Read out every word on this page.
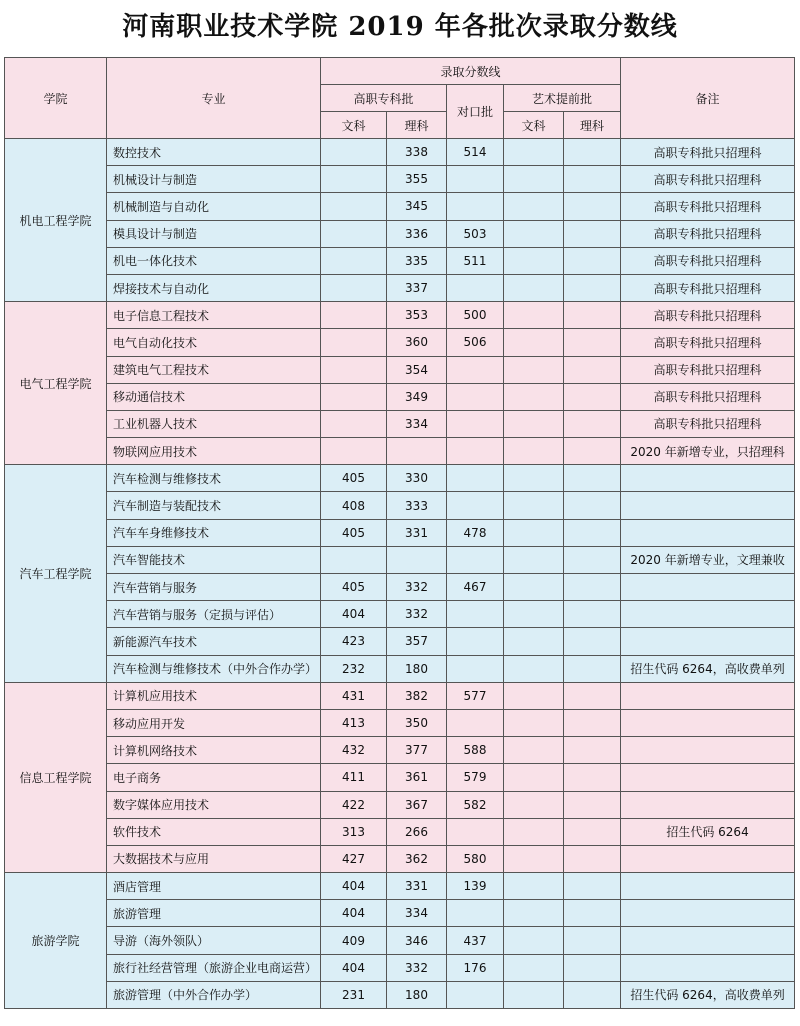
河南职业技术学院 2019 年各批次录取分数线
学院	专业	录取分数线					备注
		高职专科批		对口批	艺术提前批		
		文科	理科		文科	理科	
机电工程学院	数控技术		338	514			高职专科批只招理科
	机械设计与制造		355				高职专科批只招理科
	机械制造与自动化		345				高职专科批只招理科
	模具设计与制造		336	503			高职专科批只招理科
	机电一体化技术		335	511			高职专科批只招理科
	焊接技术与自动化		337				高职专科批只招理科
电气工程学院	电子信息工程技术		353	500			高职专科批只招理科
	电气自动化技术		360	506			高职专科批只招理科
	建筑电气工程技术		354				高职专科批只招理科
	移动通信技术		349				高职专科批只招理科
	工业机器人技术		334				高职专科批只招理科
	物联网应用技术						2020 年新增专业，只招理科
汽车工程学院	汽车检测与维修技术	405	330				
	汽车制造与装配技术	408	333				
	汽车车身维修技术	405	331	478			
	汽车智能技术						2020 年新增专业，文理兼收
	汽车营销与服务	405	332	467			
	汽车营销与服务（定损与评估）	404	332				
	新能源汽车技术	423	357				
	汽车检测与维修技术（中外合作办学）	232	180				招生代码 6264，高收费单列
信息工程学院	计算机应用技术	431	382	577			
	移动应用开发	413	350				
	计算机网络技术	432	377	588			
	电子商务	411	361	579			
	数字媒体应用技术	422	367	582			
	软件技术	313	266				招生代码 6264
	大数据技术与应用	427	362	580			
旅游学院	酒店管理	404	331	139			
	旅游管理	404	334				
	导游（海外领队）	409	346	437			
	旅行社经营管理（旅游企业电商运营）	404	332	176			
	旅游管理（中外合作办学）	231	180				招生代码 6264，高收费单列
